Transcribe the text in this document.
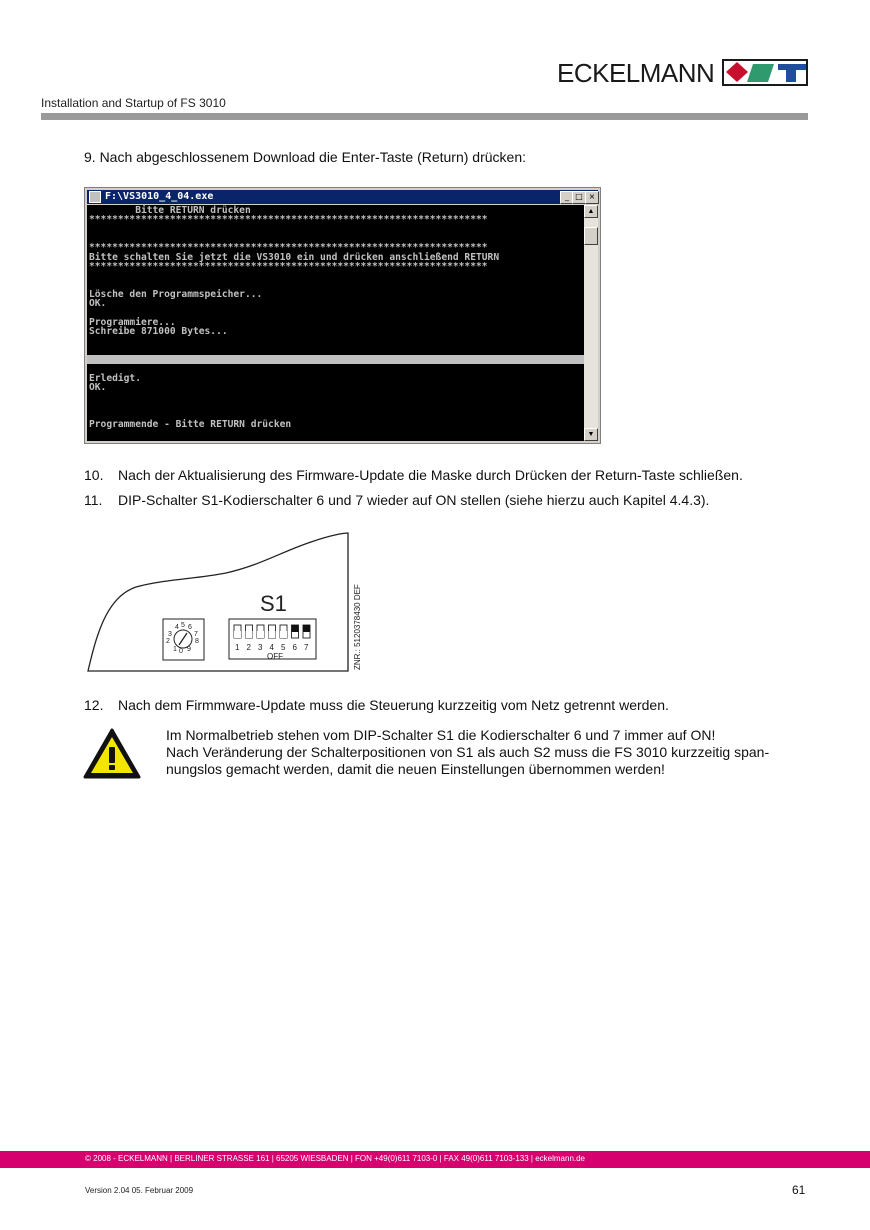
ECKELMANN
Installation and Startup of FS 3010
9. Nach abgeschlossenem Download die Enter-Taste (Return) drücken:
F:\VS3010_4_04.exe	_ □ ×
Bitte RETURN drücken
*********************************************************************
*********************************************************************
Bitte schalten Sie jetzt die VS3010 ein und drücken anschließend RETURN
*********************************************************************
Lösche den Programmspeicher...
OK.
Programmiere...
Schreibe 871000 Bytes...
Erledigt.
OK.
Programmende - Bitte RETURN drücken
▲
▼
10. Nach der Aktualisierung des Firmware-Update die Maske durch Drücken der Return-Taste schließen.
11. DIP-Schalter S1-Kodierschalter 6 und 7 wieder auf ON stellen (siehe hierzu auch Kapitel 4.4.3).
S1
4 5 6
3	7
2	8
1 0 9	1 2 3 4 5 6 7
OFF	ZNR.: 5120378430 DEF
12. Nach dem Firmmware-Update muss die Steuerung kurzzeitig vom Netz getrennt werden.
Im Normalbetrieb stehen vom DIP-Schalter S1 die Kodierschalter 6 und 7 immer auf ON!
Nach Veränderung der Schalterpositionen von S1 als auch S2 muss die FS 3010 kurzzeitig span-
nungslos gemacht werden, damit die neuen Einstellungen übernommen werden!
© 2008 - ECKELMANN | BERLINER STRASSE 161 | 65205 WIESBADEN | FON +49(0)611 7103-0 | FAX 49(0)611 7103-133 | eckelmann.de
Version 2.04 05. Februar 2009	61
